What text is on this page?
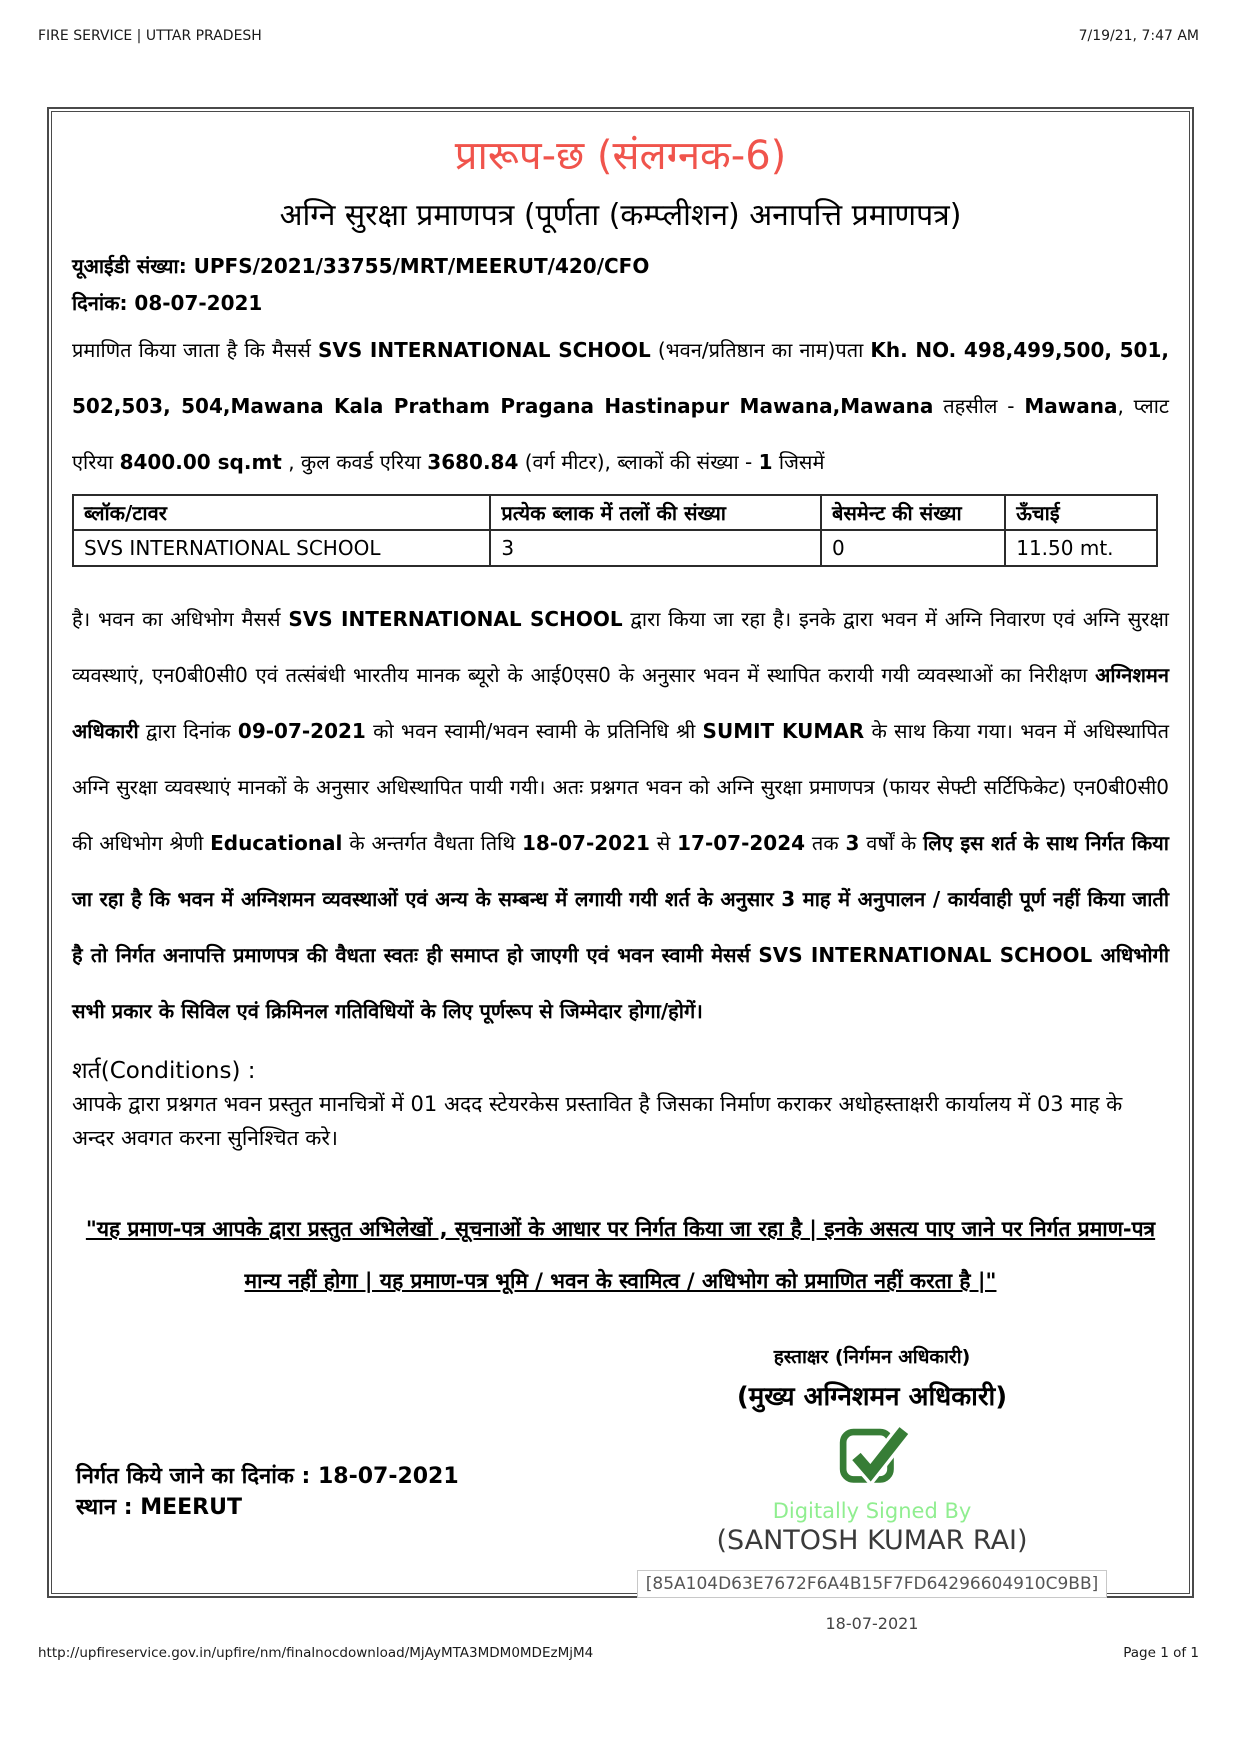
FIRE SERVICE | UTTAR PRADESH	7/19/21, 7:47 AM
प्रारूप-छ (संलग्नक-6)
अग्नि सुरक्षा प्रमाणपत्र (पूर्णता (कम्प्लीशन) अनापत्ति प्रमाणपत्र)
यूआईडी संख्या: UPFS/2021/33755/MRT/MEERUT/420/CFO
दिनांक: 08-07-2021
प्रमाणित किया जाता है कि मैसर्स SVS INTERNATIONAL SCHOOL (भवन/प्रतिष्ठान का नाम)पता Kh. NO. 498,499,500, 501, 502,503, 504,Mawana Kala Pratham Pragana Hastinapur Mawana,Mawana तहसील - Mawana, प्लाट एरिया 8400.00 sq.mt , कुल कवर्ड एरिया 3680.84 (वर्ग मीटर), ब्लाकों की संख्या - 1 जिसमें
ब्लॉक/टावर	प्रत्येक ब्लाक में तलों की संख्या	बेसमेन्ट की संख्या	ऊँचाई
SVS INTERNATIONAL SCHOOL	3	0	11.50 mt.
है। भवन का अधिभोग मैसर्स SVS INTERNATIONAL SCHOOL द्वारा किया जा रहा है। इनके द्वारा भवन में अग्नि निवारण एवं अग्नि सुरक्षा व्यवस्थाएं, एन0बी0सी0 एवं तत्संबंधी भारतीय मानक ब्यूरो के आई0एस0 के अनुसार भवन में स्थापित करायी गयी व्यवस्थाओं का निरीक्षण अग्निशमन अधिकारी द्वारा दिनांक 09-07-2021 को भवन स्वामी/भवन स्वामी के प्रतिनिधि श्री SUMIT KUMAR के साथ किया गया। भवन में अधिस्थापित अग्नि सुरक्षा व्यवस्थाएं मानकों के अनुसार अधिस्थापित पायी गयी। अतः प्रश्नगत भवन को अग्नि सुरक्षा प्रमाणपत्र (फायर सेफ्टी सर्टिफिकेट) एन0बी0सी0 की अधिभोग श्रेणी Educational के अन्तर्गत वैधता तिथि 18-07-2021 से 17-07-2024 तक 3 वर्षों के लिए इस शर्त के साथ निर्गत किया जा रहा है कि भवन में अग्निशमन व्यवस्थाओं एवं अन्य के सम्बन्ध में लगायी गयी शर्त के अनुसार 3 माह में अनुपालन / कार्यवाही पूर्ण नहीं किया जाती है तो निर्गत अनापत्ति प्रमाणपत्र की वैधता स्वतः ही समाप्त हो जाएगी एवं भवन स्वामी मेसर्स SVS INTERNATIONAL SCHOOL अधिभोगी सभी प्रकार के सिविल एवं क्रिमिनल गतिविधियों के लिए पूर्णरूप से जिम्मेदार होगा/होगें।
शर्त(Conditions) :
आपके द्वारा प्रश्नगत भवन प्रस्तुत मानचित्रों में 01 अदद स्टेयरकेस प्रस्तावित है जिसका निर्माण कराकर अधोहस्ताक्षरी कार्यालय में 03 माह के अन्दर अवगत करना सुनिश्चित करे।
"यह प्रमाण-पत्र आपके द्वारा प्रस्तुत अभिलेखों , सूचनाओं के आधार पर निर्गत किया जा रहा है | इनके असत्य पाए जाने पर निर्गत प्रमाण-पत्र मान्य नहीं होगा | यह प्रमाण-पत्र भूमि / भवन के स्वामित्व / अधिभोग को प्रमाणित नहीं करता है |"
निर्गत किये जाने का दिनांक : 18-07-2021
स्थान : MEERUT
हस्ताक्षर (निर्गमन अधिकारी)
(मुख्य अग्निशमन अधिकारी)
Digitally Signed By
(SANTOSH KUMAR RAI)
[85A104D63E7672F6A4B15F7FD64296604910C9BB]
18-07-2021
http://upfireservice.gov.in/upfire/nm/finalnocdownload/MjAyMTA3MDM0MDEzMjM4	Page 1 of 1
